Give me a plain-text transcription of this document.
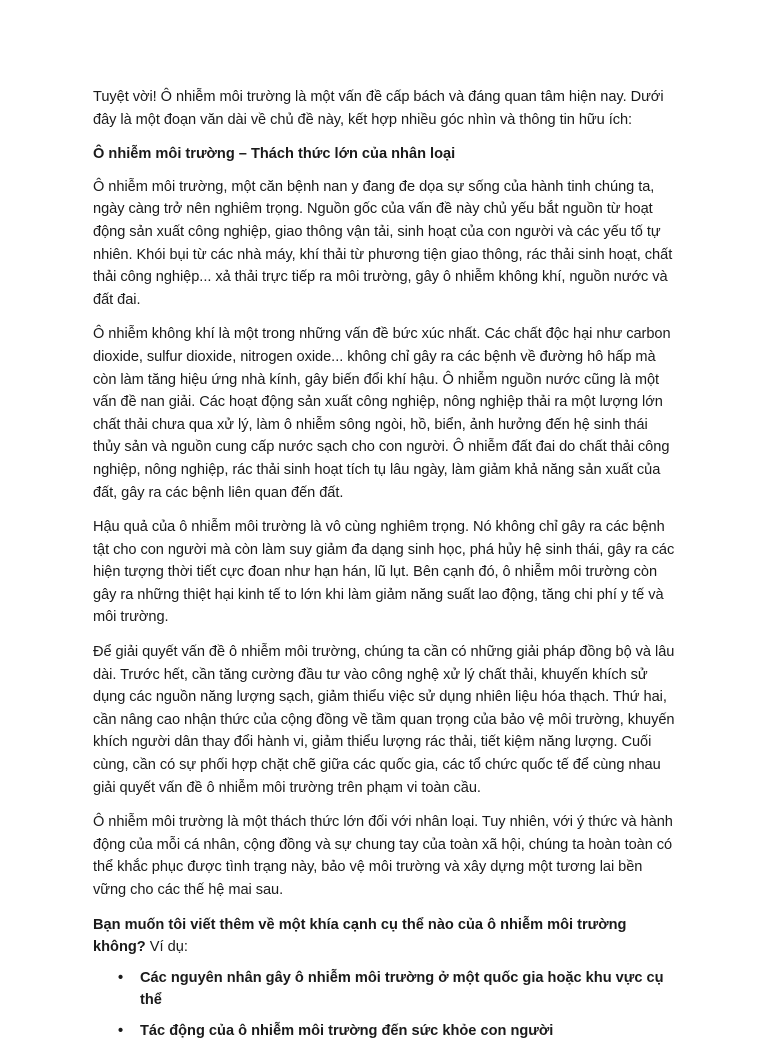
Tuyệt vời! Ô nhiễm môi trường là một vấn đề cấp bách và đáng quan tâm hiện nay. Dưới đây là một đoạn văn dài về chủ đề này, kết hợp nhiều góc nhìn và thông tin hữu ích:

Ô nhiễm môi trường – Thách thức lớn của nhân loại

Ô nhiễm môi trường, một căn bệnh nan y đang đe dọa sự sống của hành tinh chúng ta, ngày càng trở nên nghiêm trọng. Nguồn gốc của vấn đề này chủ yếu bắt nguồn từ hoạt động sản xuất công nghiệp, giao thông vận tải, sinh hoạt của con người và các yếu tố tự nhiên. Khói bụi từ các nhà máy, khí thải từ phương tiện giao thông, rác thải sinh hoạt, chất thải công nghiệp... xả thải trực tiếp ra môi trường, gây ô nhiễm không khí, nguồn nước và đất đai.

Ô nhiễm không khí là một trong những vấn đề bức xúc nhất. Các chất độc hại như carbon dioxide, sulfur dioxide, nitrogen oxide... không chỉ gây ra các bệnh về đường hô hấp mà còn làm tăng hiệu ứng nhà kính, gây biến đổi khí hậu. Ô nhiễm nguồn nước cũng là một vấn đề nan giải. Các hoạt động sản xuất công nghiệp, nông nghiệp thải ra một lượng lớn chất thải chưa qua xử lý, làm ô nhiễm sông ngòi, hồ, biển, ảnh hưởng đến hệ sinh thái thủy sản và nguồn cung cấp nước sạch cho con người. Ô nhiễm đất đai do chất thải công nghiệp, nông nghiệp, rác thải sinh hoạt tích tụ lâu ngày, làm giảm khả năng sản xuất của đất, gây ra các bệnh liên quan đến đất.

Hậu quả của ô nhiễm môi trường là vô cùng nghiêm trọng. Nó không chỉ gây ra các bệnh tật cho con người mà còn làm suy giảm đa dạng sinh học, phá hủy hệ sinh thái, gây ra các hiện tượng thời tiết cực đoan như hạn hán, lũ lụt. Bên cạnh đó, ô nhiễm môi trường còn gây ra những thiệt hại kinh tế to lớn khi làm giảm năng suất lao động, tăng chi phí y tế và môi trường.

Để giải quyết vấn đề ô nhiễm môi trường, chúng ta cần có những giải pháp đồng bộ và lâu dài. Trước hết, cần tăng cường đầu tư vào công nghệ xử lý chất thải, khuyến khích sử dụng các nguồn năng lượng sạch, giảm thiểu việc sử dụng nhiên liệu hóa thạch. Thứ hai, cần nâng cao nhận thức của cộng đồng về tầm quan trọng của bảo vệ môi trường, khuyến khích người dân thay đổi hành vi, giảm thiểu lượng rác thải, tiết kiệm năng lượng. Cuối cùng, cần có sự phối hợp chặt chẽ giữa các quốc gia, các tổ chức quốc tế để cùng nhau giải quyết vấn đề ô nhiễm môi trường trên phạm vi toàn cầu.

Ô nhiễm môi trường là một thách thức lớn đối với nhân loại. Tuy nhiên, với ý thức và hành động của mỗi cá nhân, cộng đồng và sự chung tay của toàn xã hội, chúng ta hoàn toàn có thể khắc phục được tình trạng này, bảo vệ môi trường và xây dựng một tương lai bền vững cho các thế hệ mai sau.

Bạn muốn tôi viết thêm về một khía cạnh cụ thể nào của ô nhiễm môi trường không? Ví dụ:

• Các nguyên nhân gây ô nhiễm môi trường ở một quốc gia hoặc khu vực cụ thể
• Tác động của ô nhiễm môi trường đến sức khỏe con người
